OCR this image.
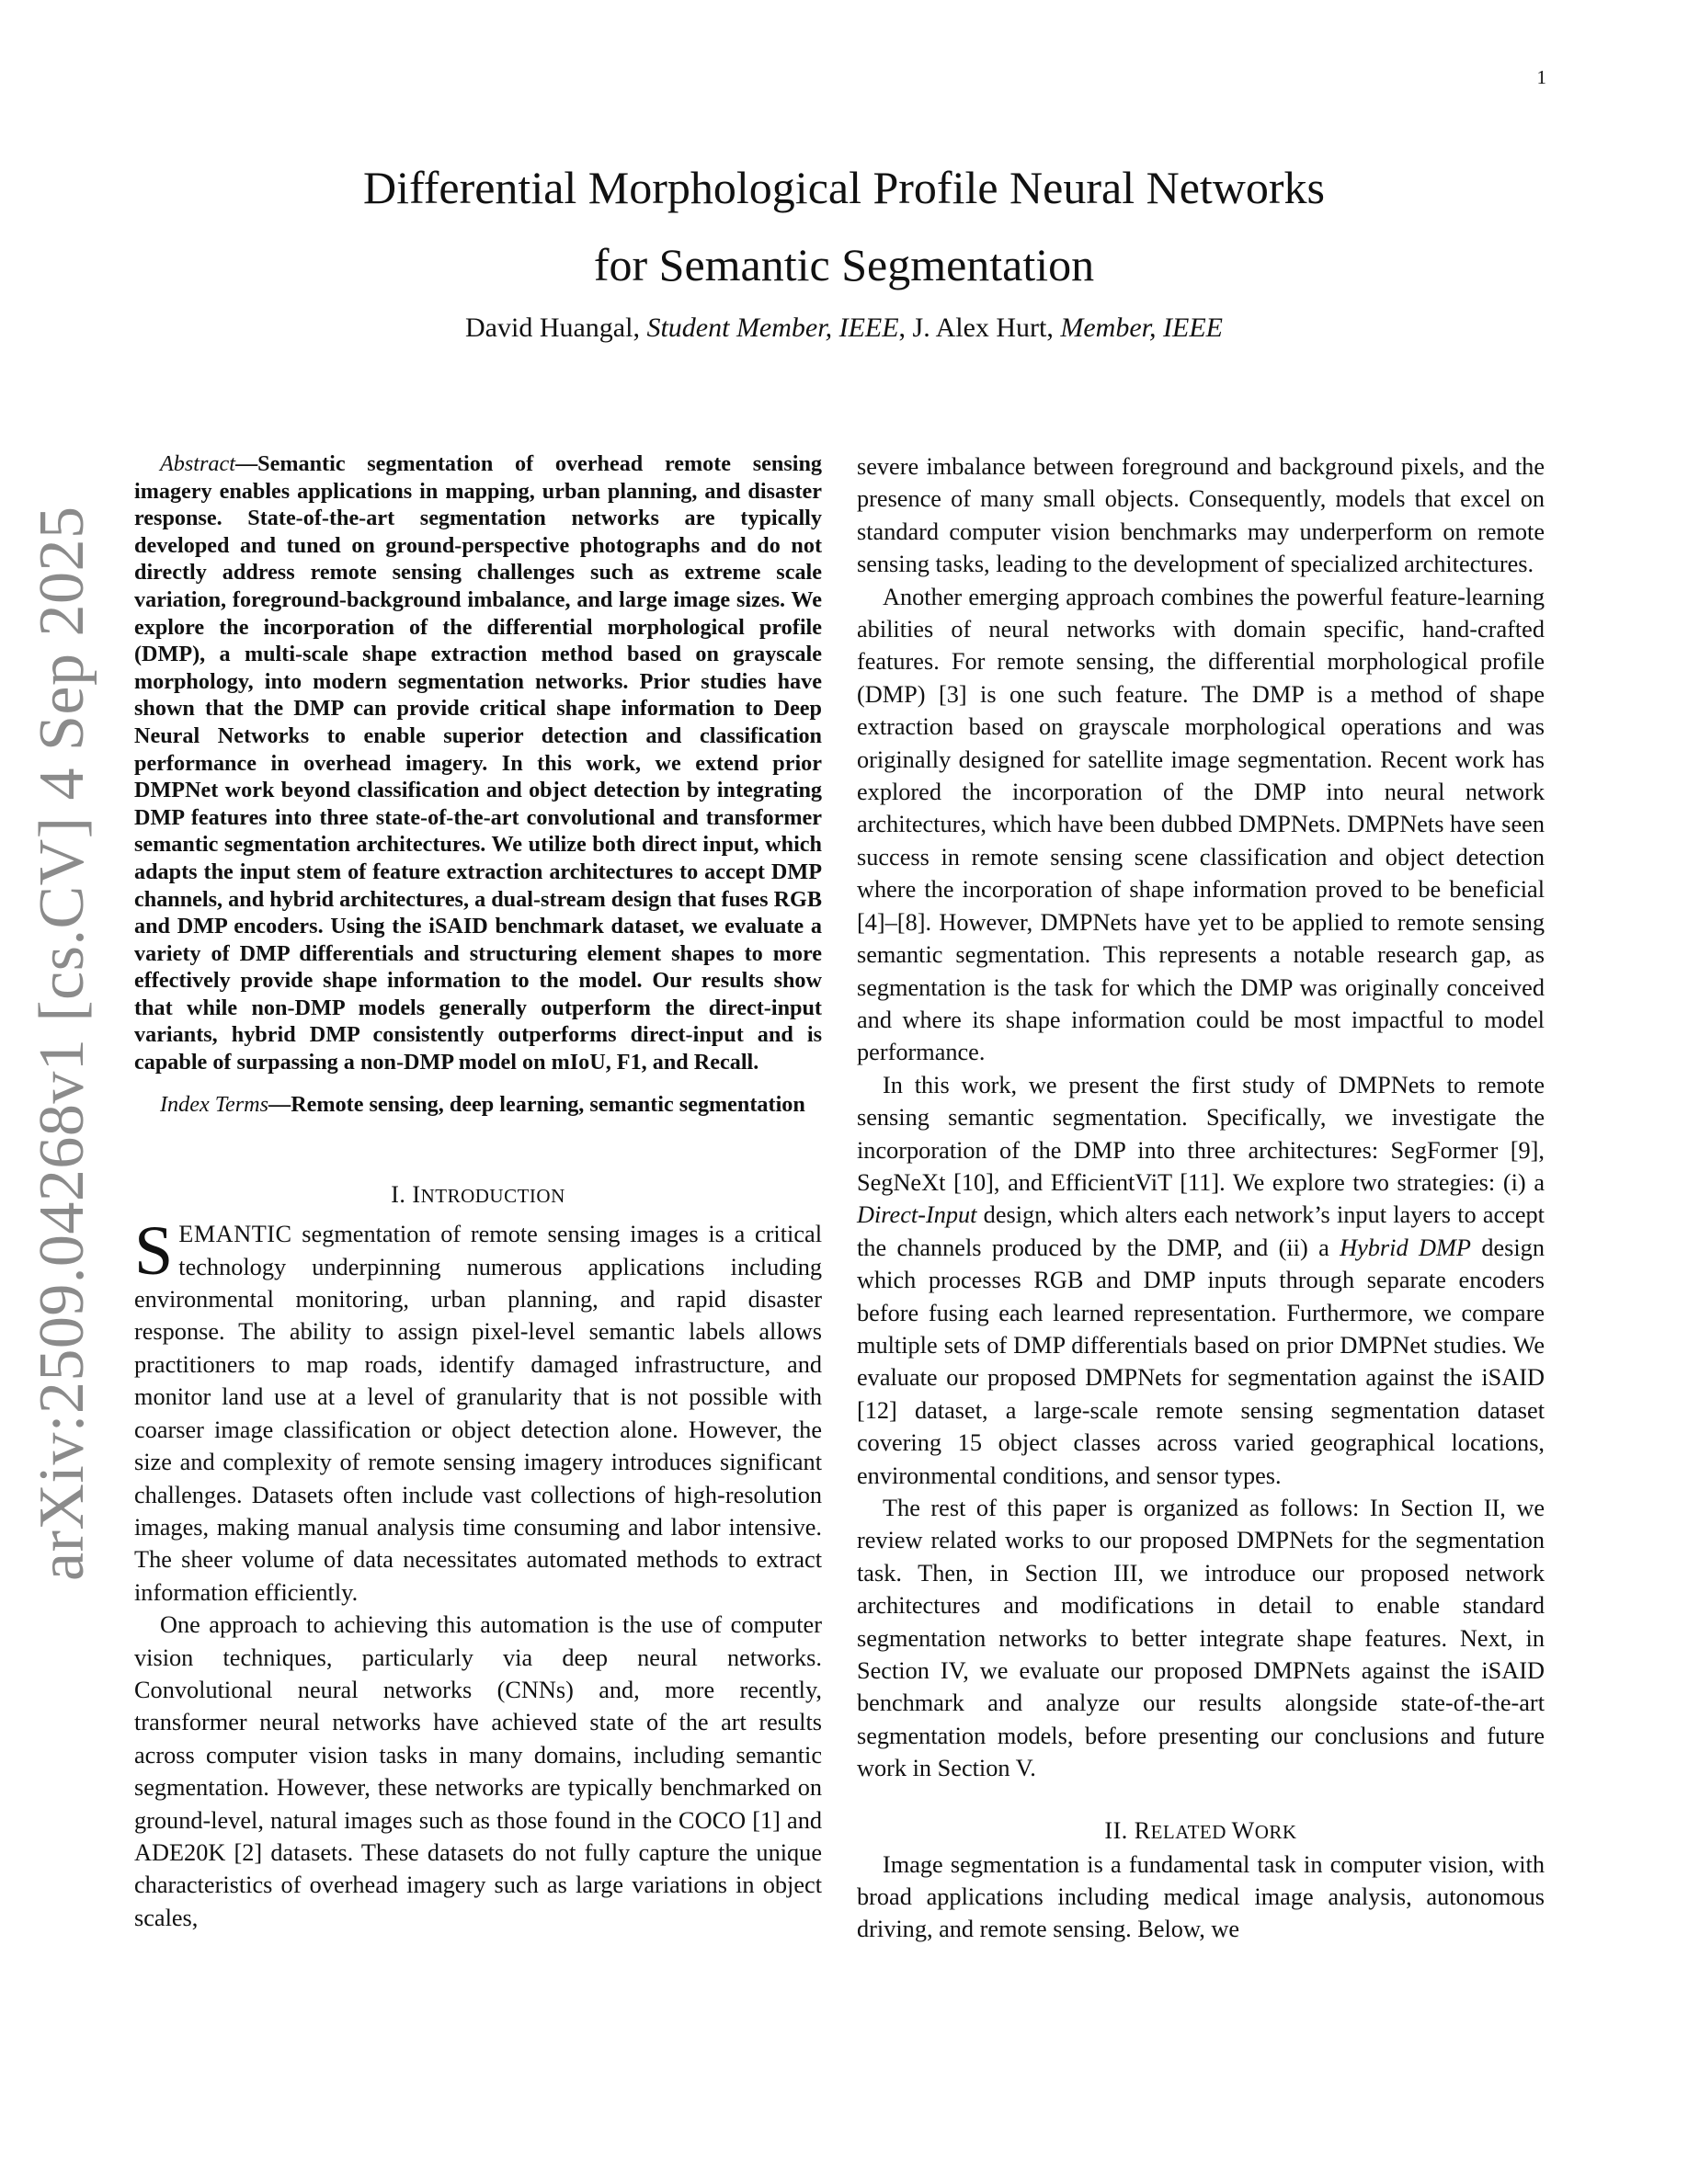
1
arXiv:2509.04268v1 [cs.CV] 4 Sep 2025
Differential Morphological Profile Neural Networks
for Semantic Segmentation
David Huangal, Student Member, IEEE, J. Alex Hurt, Member, IEEE

Abstract—Semantic segmentation of overhead remote sensing imagery enables applications in mapping, urban planning, and disaster response. State-of-the-art segmentation networks are typically developed and tuned on ground-perspective photographs and do not directly address remote sensing challenges such as extreme scale variation, foreground-background imbalance, and large image sizes. We explore the incorporation of the differential morphological profile (DMP), a multi-scale shape extraction method based on grayscale morphology, into modern segmentation networks. Prior studies have shown that the DMP can provide critical shape information to Deep Neural Networks to enable superior detection and classification performance in overhead imagery. In this work, we extend prior DMPNet work beyond classification and object detection by integrating DMP features into three state-of-the-art convolutional and transformer semantic segmentation architectures. We utilize both direct input, which adapts the input stem of feature extraction architectures to accept DMP channels, and hybrid architectures, a dual-stream design that fuses RGB and DMP encoders. Using the iSAID benchmark dataset, we evaluate a variety of DMP differentials and structuring element shapes to more effectively provide shape information to the model. Our results show that while non-DMP models generally outperform the direct-input variants, hybrid DMP consistently outperforms direct-input and is capable of surpassing a non-DMP model on mIoU, F1, and Recall.

Index Terms—Remote sensing, deep learning, semantic segmentation

I. INTRODUCTION

SEMANTIC segmentation of remote sensing images is a critical technology underpinning numerous applications including environmental monitoring, urban planning, and rapid disaster response. The ability to assign pixel-level semantic labels allows practitioners to map roads, identify damaged infrastructure, and monitor land use at a level of granularity that is not possible with coarser image classification or object detection alone. However, the size and complexity of remote sensing imagery introduces significant challenges. Datasets often include vast collections of high-resolution images, making manual analysis time consuming and labor intensive. The sheer volume of data necessitates automated methods to extract information efficiently.

One approach to achieving this automation is the use of computer vision techniques, particularly via deep neural networks. Convolutional neural networks (CNNs) and, more recently, transformer neural networks have achieved state of the art results across computer vision tasks in many domains, including semantic segmentation. However, these networks are typically benchmarked on ground-level, natural images such as those found in the COCO [1] and ADE20K [2] datasets. These datasets do not fully capture the unique characteristics of overhead imagery such as large variations in object scales,

severe imbalance between foreground and background pixels, and the presence of many small objects. Consequently, models that excel on standard computer vision benchmarks may underperform on remote sensing tasks, leading to the development of specialized architectures.

Another emerging approach combines the powerful feature-learning abilities of neural networks with domain specific, hand-crafted features. For remote sensing, the differential morphological profile (DMP) [3] is one such feature. The DMP is a method of shape extraction based on grayscale morphological operations and was originally designed for satellite image segmentation. Recent work has explored the incorporation of the DMP into neural network architectures, which have been dubbed DMPNets. DMPNets have seen success in remote sensing scene classification and object detection where the incorporation of shape information proved to be beneficial [4]–[8]. However, DMPNets have yet to be applied to remote sensing semantic segmentation. This represents a notable research gap, as segmentation is the task for which the DMP was originally conceived and where its shape information could be most impactful to model performance.

In this work, we present the first study of DMPNets to remote sensing semantic segmentation. Specifically, we investigate the incorporation of the DMP into three architectures: SegFormer [9], SegNeXt [10], and EfficientViT [11]. We explore two strategies: (i) a Direct-Input design, which alters each network’s input layers to accept the channels produced by the DMP, and (ii) a Hybrid DMP design which processes RGB and DMP inputs through separate encoders before fusing each learned representation. Furthermore, we compare multiple sets of DMP differentials based on prior DMPNet studies. We evaluate our proposed DMPNets for segmentation against the iSAID [12] dataset, a large-scale remote sensing segmentation dataset covering 15 object classes across varied geographical locations, environmental conditions, and sensor types.

The rest of this paper is organized as follows: In Section II, we review related works to our proposed DMPNets for the segmentation task. Then, in Section III, we introduce our proposed network architectures and modifications in detail to enable standard segmentation networks to better integrate shape features. Next, in Section IV, we evaluate our proposed DMPNets against the iSAID benchmark and analyze our results alongside state-of-the-art segmentation models, before presenting our conclusions and future work in Section V.

II. RELATED WORK

Image segmentation is a fundamental task in computer vision, with broad applications including medical image analysis, autonomous driving, and remote sensing. Below, we
